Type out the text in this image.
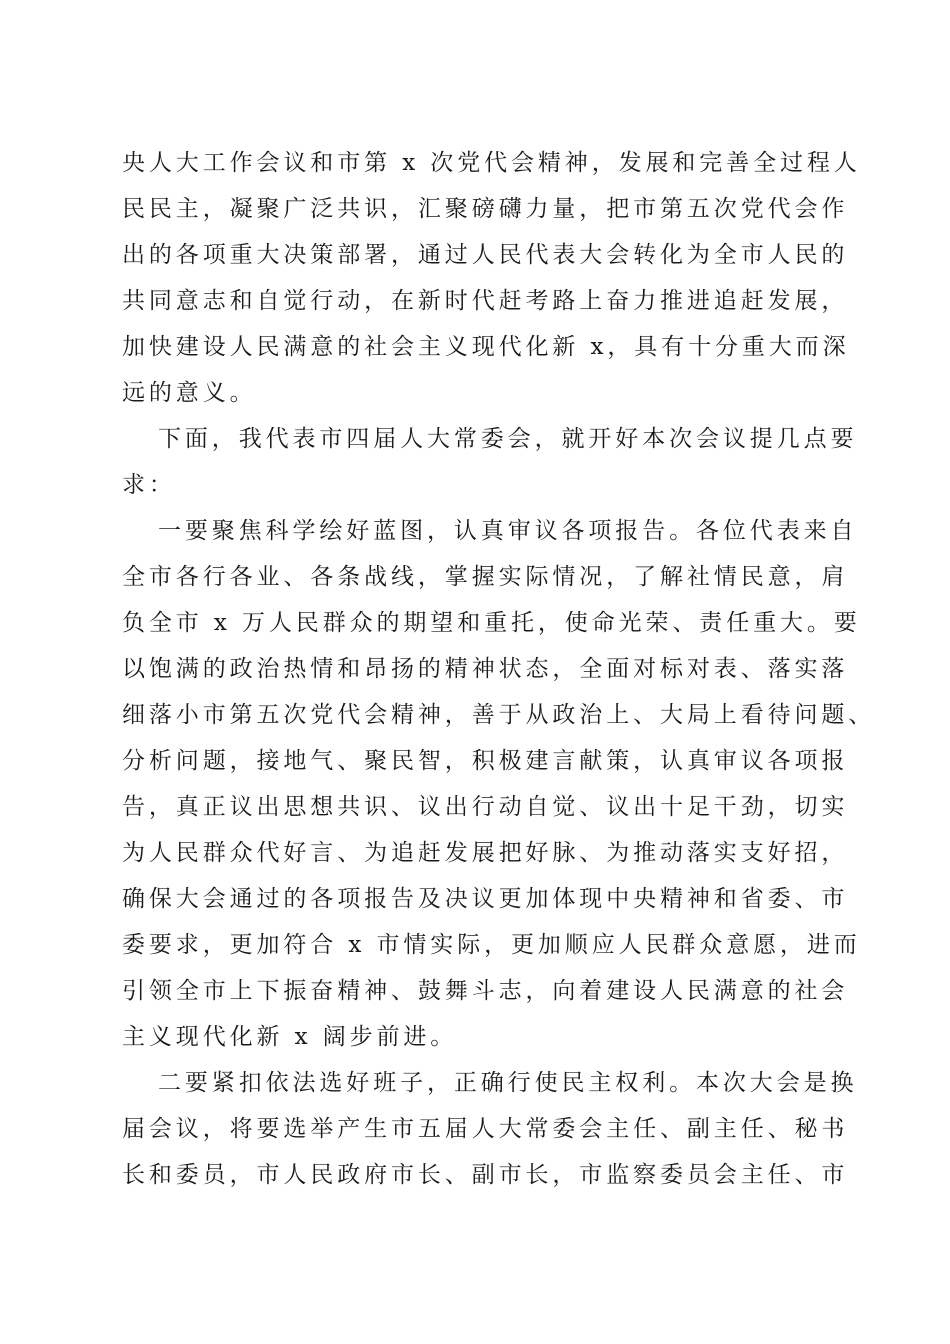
央人大工作会议和市第 x 次党代会精神，发展和完善全过程人

民民主，凝聚广泛共识，汇聚磅礴力量，把市第五次党代会作

出的各项重大决策部署，通过人民代表大会转化为全市人民的

共同意志和自觉行动，在新时代赶考路上奋力推进追赶发展，

加快建设人民满意的社会主义现代化新 x，具有十分重大而深

远的意义。

下面，我代表市四届人大常委会，就开好本次会议提几点要

求：

一要聚焦科学绘好蓝图，认真审议各项报告。各位代表来自

全市各行各业、各条战线，掌握实际情况，了解社情民意，肩

负全市 x 万人民群众的期望和重托，使命光荣、责任重大。要

以饱满的政治热情和昂扬的精神状态，全面对标对表、落实落

细落小市第五次党代会精神，善于从政治上、大局上看待问题、

分析问题，接地气、聚民智，积极建言献策，认真审议各项报

告，真正议出思想共识、议出行动自觉、议出十足干劲，切实

为人民群众代好言、为追赶发展把好脉、为推动落实支好招，

确保大会通过的各项报告及决议更加体现中央精神和省委、市

委要求，更加符合 x 市情实际，更加顺应人民群众意愿，进而

引领全市上下振奋精神、鼓舞斗志，向着建设人民满意的社会

主义现代化新 x 阔步前进。

二要紧扣依法选好班子，正确行使民主权利。本次大会是换

届会议，将要选举产生市五届人大常委会主任、副主任、秘书

长和委员，市人民政府市长、副市长，市监察委员会主任、市
